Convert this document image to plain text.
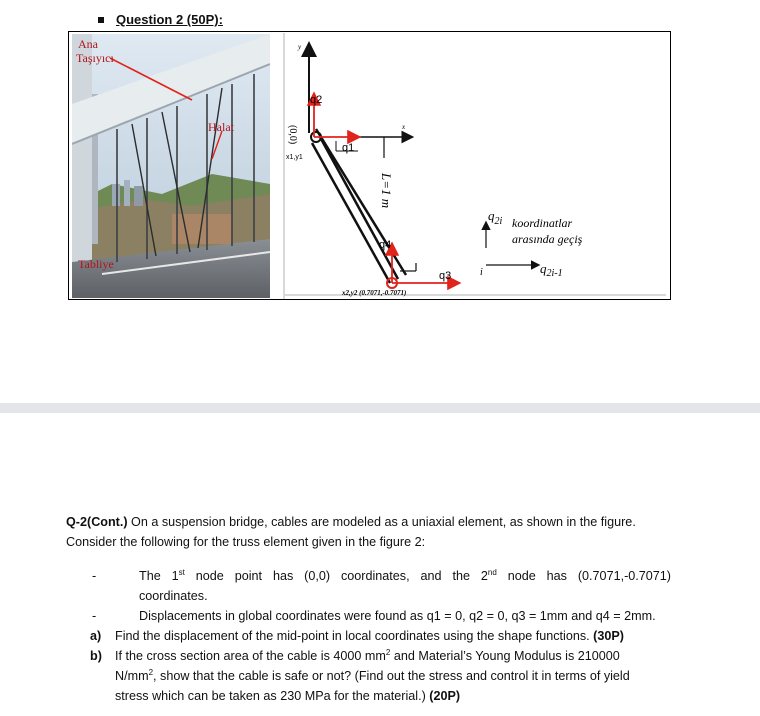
Question 2 (50P):
Ana Taşıyıcı
Halat
Tabliye
y
x
(0,0)
x1,y1
q2
q1
q4
q3
L=1 m
x2,y2 (0.7071,-0.7071)
$q_{2i}$ koordinatlar
arasında geçiş
$q_{2i-1}$
i
Q-2(Cont.) On a suspension bridge, cables are modeled as a uniaxial element, as shown in the figure.
Consider the following for the truss element given in the figure 2:
-	The 1st node point has (0,0) coordinates, and the 2nd node has (0.7071,-0.7071)
coordinates.
-	Displacements in global coordinates were found as q1 = 0, q2 = 0, q3 = 1mm and q4 = 2mm.
a) Find the displacement of the mid-point in local coordinates using the shape functions. (30P)
b) If the cross section area of the cable is 4000 $mm^2$ and Material’s Young Modulus is 210000
$N/mm^2$, show that the cable is safe or not? (Find out the stress and control it in terms of yield
stress which can be taken as 230 MPa for the material.) (20P)
